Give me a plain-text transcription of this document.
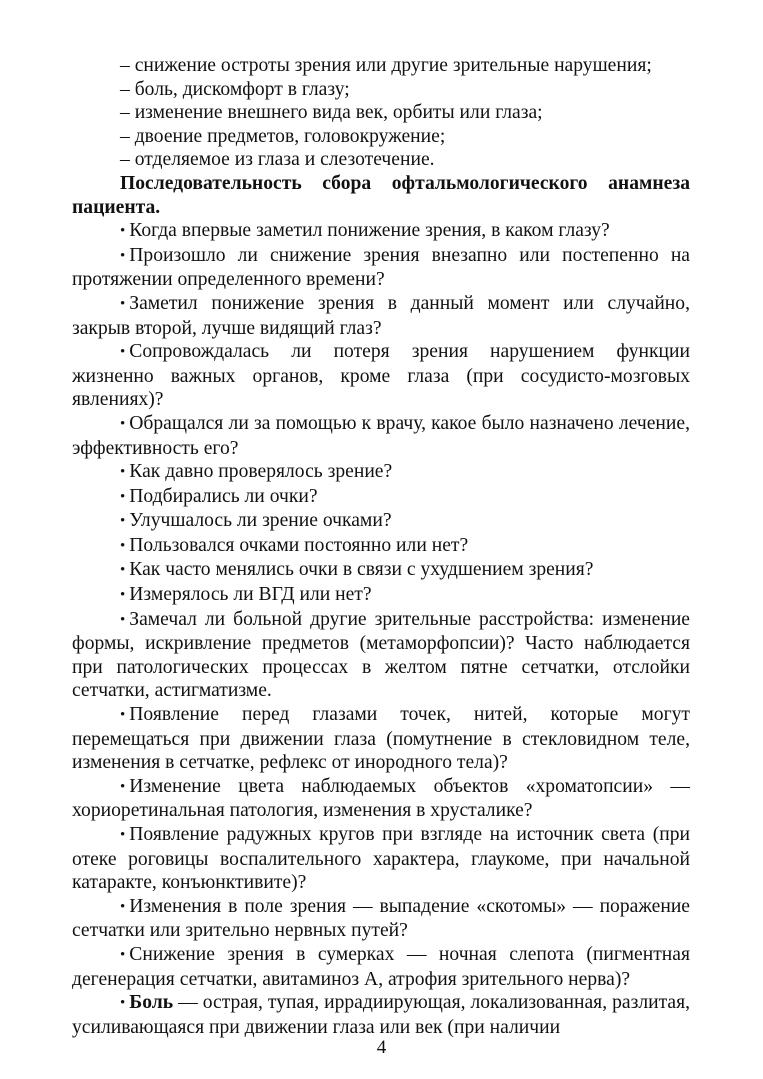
– снижение остроты зрения или другие зрительные нарушения;

– боль, дискомфорт в глазу;

– изменение внешнего вида век, орбиты или глаза;

– двоение предметов, головокружение;

– отделяемое из глаза и слезотечение.

Последовательность сбора офтальмологического анамнеза пациента.

• Когда впервые заметил понижение зрения, в каком глазу?

• Произошло ли снижение зрения внезапно или постепенно на протяжении определенного времени?

• Заметил понижение зрения в данный момент или случайно, закрыв второй, лучше видящий глаз?

• Сопровождалась ли потеря зрения нарушением функции жизненно важных органов, кроме глаза (при сосудисто-мозговых явлениях)?

• Обращался ли за помощью к врачу, какое было назначено лечение, эффективность его?

• Как давно проверялось зрение?

• Подбирались ли очки?

• Улучшалось ли зрение очками?

• Пользовался очками постоянно или нет?

• Как часто менялись очки в связи с ухудшением зрения?

• Измерялось ли ВГД или нет?

• Замечал ли больной другие зрительные расстройства: изменение формы, искривление предметов (метаморфопсии)? Часто наблюдается при патологических процессах в желтом пятне сетчатки, отслойки сетчатки, астигматизме.

• Появление перед глазами точек, нитей, которые могут перемещаться при движении глаза (помутнение в стекловидном теле, изменения в сетчатке, рефлекс от инородного тела)?

• Изменение цвета наблюдаемых объектов «хроматопсии» — хориоретинальная патология, изменения в хрусталике?

• Появление радужных кругов при взгляде на источник света (при отеке роговицы воспалительного характера, глаукоме, при начальной катаракте, конъюнктивите)?

• Изменения в поле зрения — выпадение «скотомы» — поражение сетчатки или зрительно нервных путей?

• Снижение зрения в сумерках — ночная слепота (пигментная дегенерация сетчатки, авитаминоз А, атрофия зрительного нерва)?

• Боль — острая, тупая, иррадиирующая, локализованная, разлитая, усиливающаяся при движении глаза или век (при наличии

4
